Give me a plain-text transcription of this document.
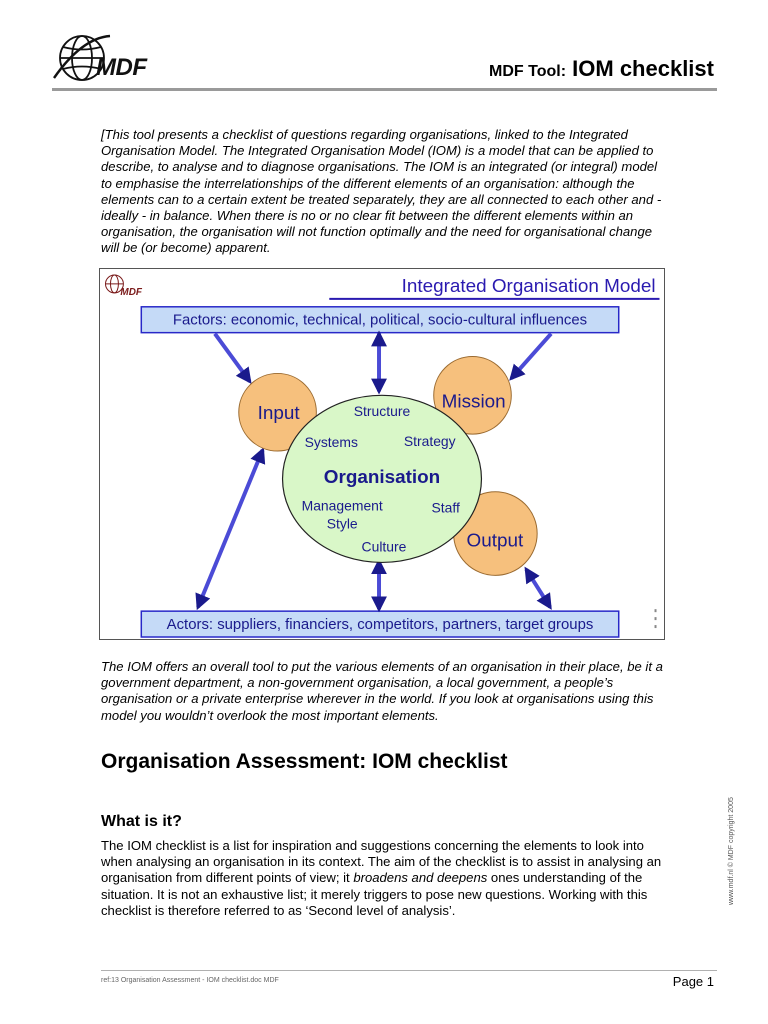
MDF	MDF Tool: IOM checklist
[This tool presents a checklist of questions regarding organisations, linked to the Integrated Organisation Model. The Integrated Organisation Model (IOM) is a model that can be applied to describe, to analyse and to diagnose organisations. The IOM is an integrated (or integral) model to emphasise the interrelationships of the different elements of an organisation: although the elements can to a certain extent be treated separately, they are all connected to each other and - ideally - in balance. When there is no or no clear fit between the different elements within an organisation, the organisation will not function optimally and the need for organisational change will be (or become) apparent.
MDF	Integrated Organisation Model
Factors: economic, technical, political, socio-cultural influences
Actors: suppliers, financiers, competitors, partners, target groups
Input
Mission
Output
Organisation
Structure
Systems	Strategy
Management
Style
Staff
Culture
The IOM offers an overall tool to put the various elements of an organisation in their place, be it a government department, a non-government organisation, a local government, a people’s organisation or a private enterprise wherever in the world. If you look at organisations using this model you wouldn’t overlook the most important elements.
Organisation Assessment: IOM checklist
What is it?
The IOM checklist is a list for inspiration and suggestions concerning the elements to look into when analysing an organisation in its context. The aim of the checklist is to assist in analysing an organisation from different points of view; it broadens and deepens ones understanding of the situation. It is not an exhaustive list; it merely triggers to pose new questions. Working with this checklist is therefore referred to as ‘Second level of analysis’.
www.mdf.nl © MDF copyright 2005
ref:13 Organisation Assessment - IOM checklist.doc MDF	Page 1
